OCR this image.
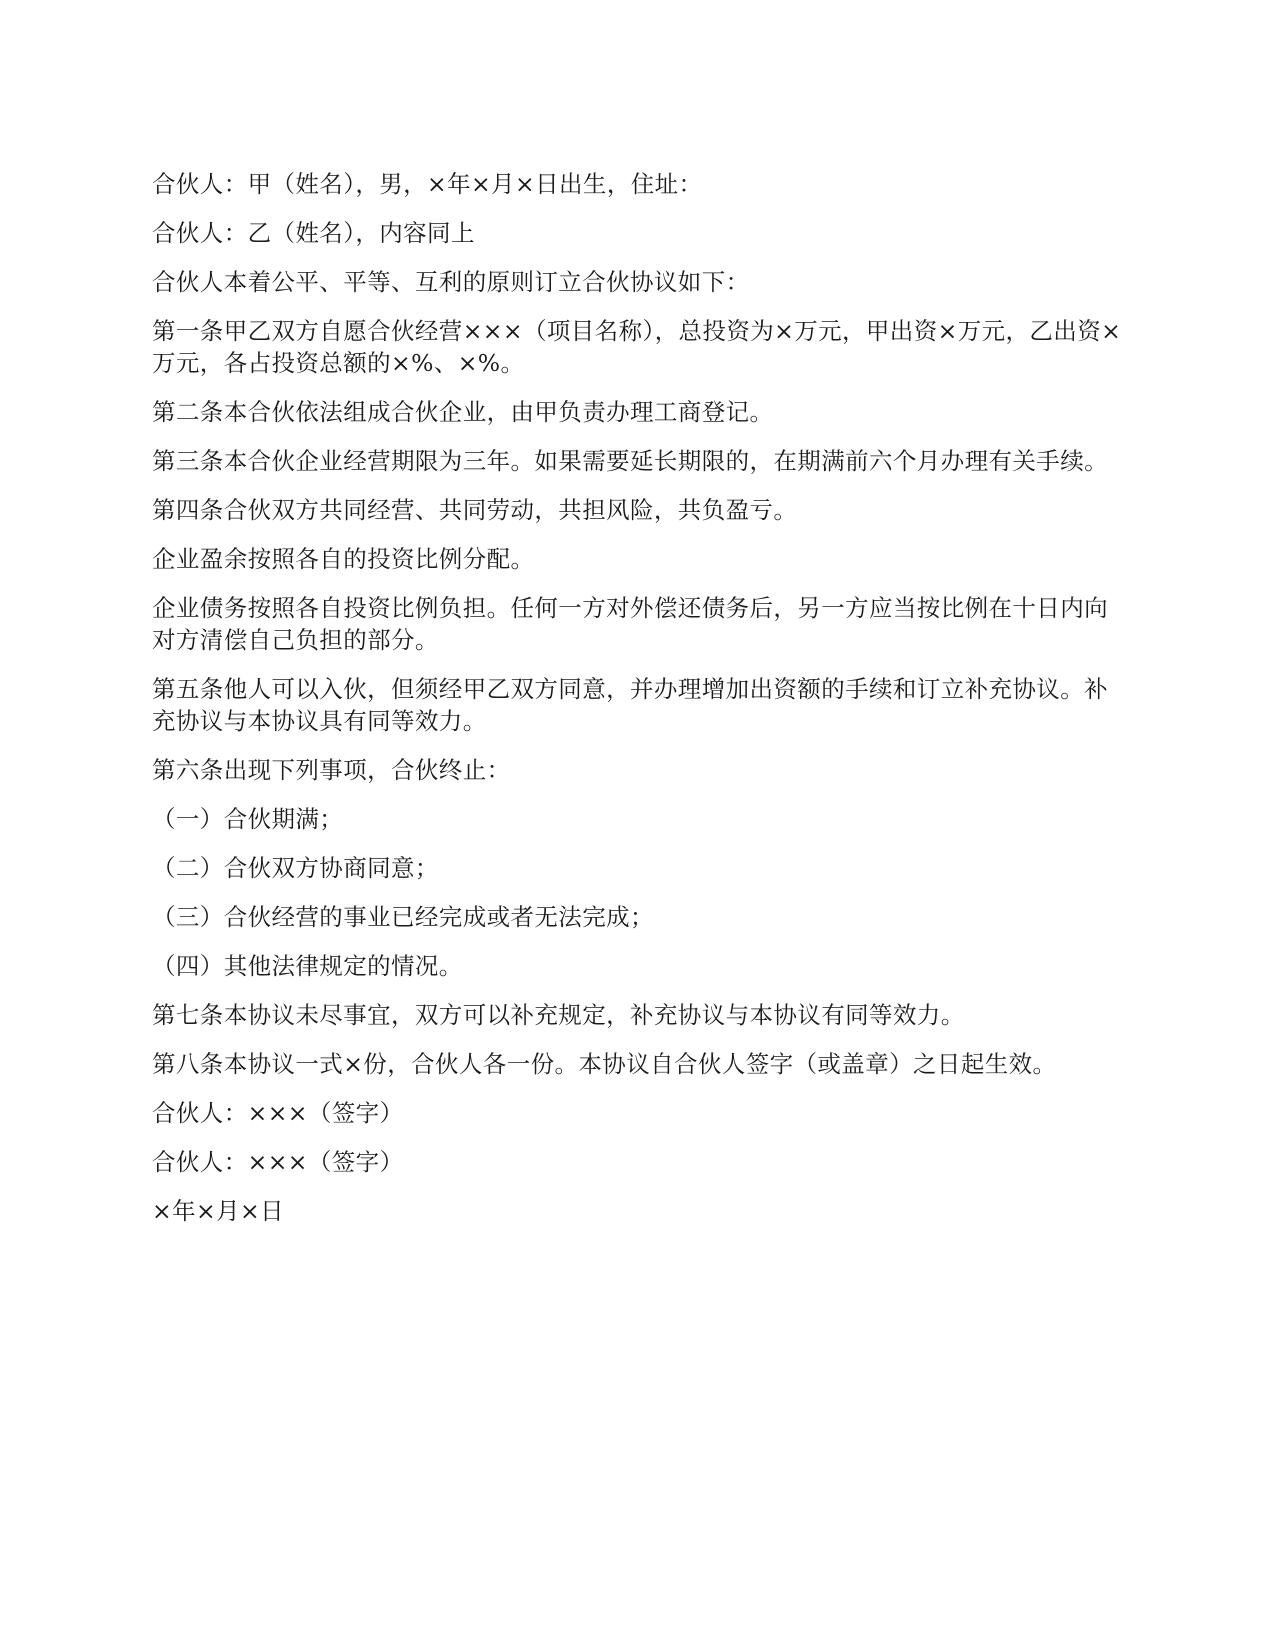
合伙人：甲（姓名），男，×年×月×日出生，住址：

合伙人：乙（姓名），内容同上

合伙人本着公平、平等、互利的原则订立合伙协议如下：

第一条甲乙双方自愿合伙经营×××（项目名称），总投资为×万元，甲出资×万元，乙出资×万元，各占投资总额的×%、×%。

第二条本合伙依法组成合伙企业，由甲负责办理工商登记。

第三条本合伙企业经营期限为三年。如果需要延长期限的，在期满前六个月办理有关手续。

第四条合伙双方共同经营、共同劳动，共担风险，共负盈亏。

企业盈余按照各自的投资比例分配。

企业债务按照各自投资比例负担。任何一方对外偿还债务后，另一方应当按比例在十日内向对方清偿自己负担的部分。

第五条他人可以入伙，但须经甲乙双方同意，并办理增加出资额的手续和订立补充协议。补充协议与本协议具有同等效力。

第六条出现下列事项，合伙终止：

（一）合伙期满；

（二）合伙双方协商同意；

（三）合伙经营的事业已经完成或者无法完成；

（四）其他法律规定的情况。

第七条本协议未尽事宜，双方可以补充规定，补充协议与本协议有同等效力。

第八条本协议一式×份，合伙人各一份。本协议自合伙人签字（或盖章）之日起生效。

合伙人：×××（签字）

合伙人：×××（签字）

×年×月×日
